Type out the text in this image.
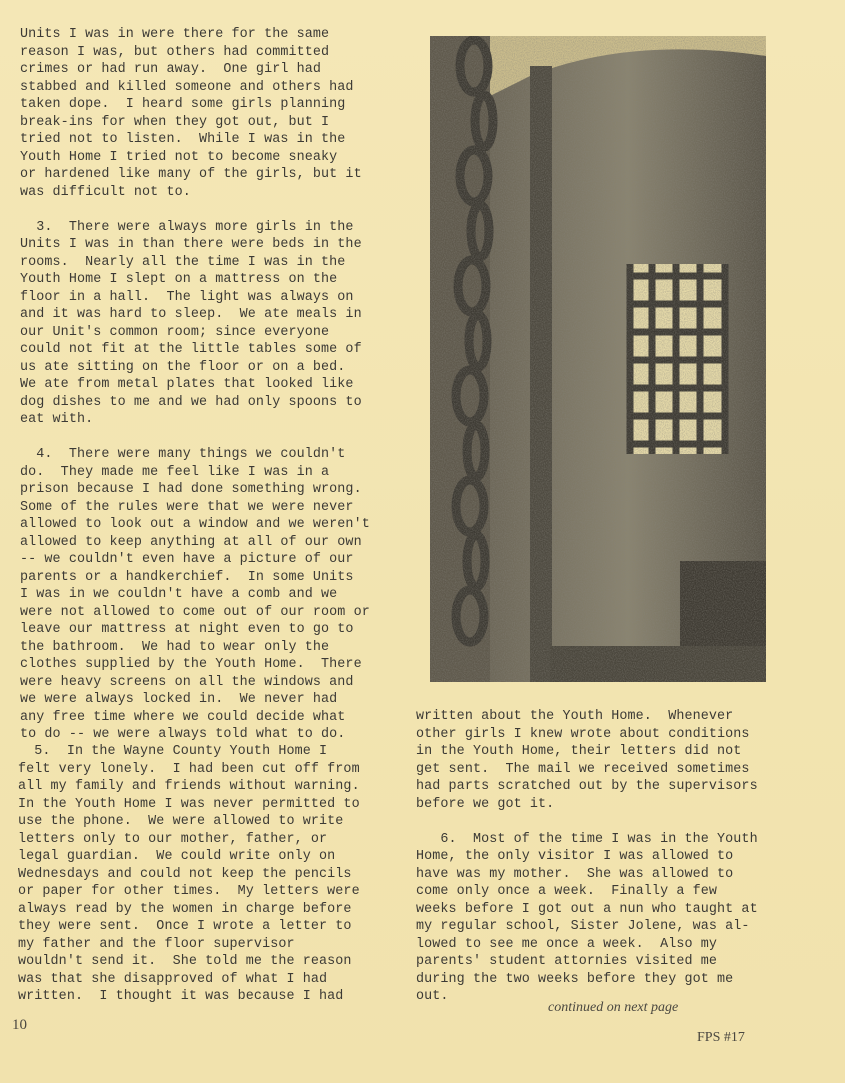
Units I was in were there for the same

reason I was, but others had committed

crimes or had run away.  One girl had

stabbed and killed someone and others had

taken dope.  I heard some girls planning

break-ins for when they got out, but I

tried not to listen.  While I was in the

Youth Home I tried not to become sneaky

or hardened like many of the girls, but it

was difficult not to.

3.  There were always more girls in the

Units I was in than there were beds in the

rooms.  Nearly all the time I was in the

Youth Home I slept on a mattress on the

floor in a hall.  The light was always on

and it was hard to sleep.  We ate meals in

our Unit's common room; since everyone

could not fit at the little tables some of

us ate sitting on the floor or on a bed.

We ate from metal plates that looked like

dog dishes to me and we had only spoons to

eat with.

4.  There were many things we couldn't

do.  They made me feel like I was in a

prison because I had done something wrong.

Some of the rules were that we were never

allowed to look out a window and we weren't

allowed to keep anything at all of our own

-- we couldn't even have a picture of our

parents or a handkerchief.  In some Units

I was in we couldn't have a comb and we

were not allowed to come out of our room or

leave our mattress at night even to go to

the bathroom.  We had to wear only the

clothes supplied by the Youth Home.  There

were heavy screens on all the windows and

we were always locked in.  We never had

any free time where we could decide what

to do -- we were always told what to do.

5.  In the Wayne County Youth Home I

felt very lonely.  I had been cut off from

all my family and friends without warning.

In the Youth Home I was never permitted to

use the phone.  We were allowed to write

letters only to our mother, father, or

legal guardian.  We could write only on

Wednesdays and could not keep the pencils

or paper for other times.  My letters were

always read by the women in charge before

they were sent.  Once I wrote a letter to

my father and the floor supervisor

wouldn't send it.  She told me the reason

was that she disapproved of what I had

written.  I thought it was because I had

written about the Youth Home.  Whenever

other girls I knew wrote about conditions

in the Youth Home, their letters did not

get sent.  The mail we received sometimes

had parts scratched out by the supervisors

before we got it.

6.  Most of the time I was in the Youth

Home, the only visitor I was allowed to

have was my mother.  She was allowed to

come only once a week.  Finally a few

weeks before I got out a nun who taught at

my regular school, Sister Jolene, was al-

lowed to see me once a week.  Also my

parents' student attornies visited me

during the two weeks before they got me

out.

continued on next page
10
FPS #17
